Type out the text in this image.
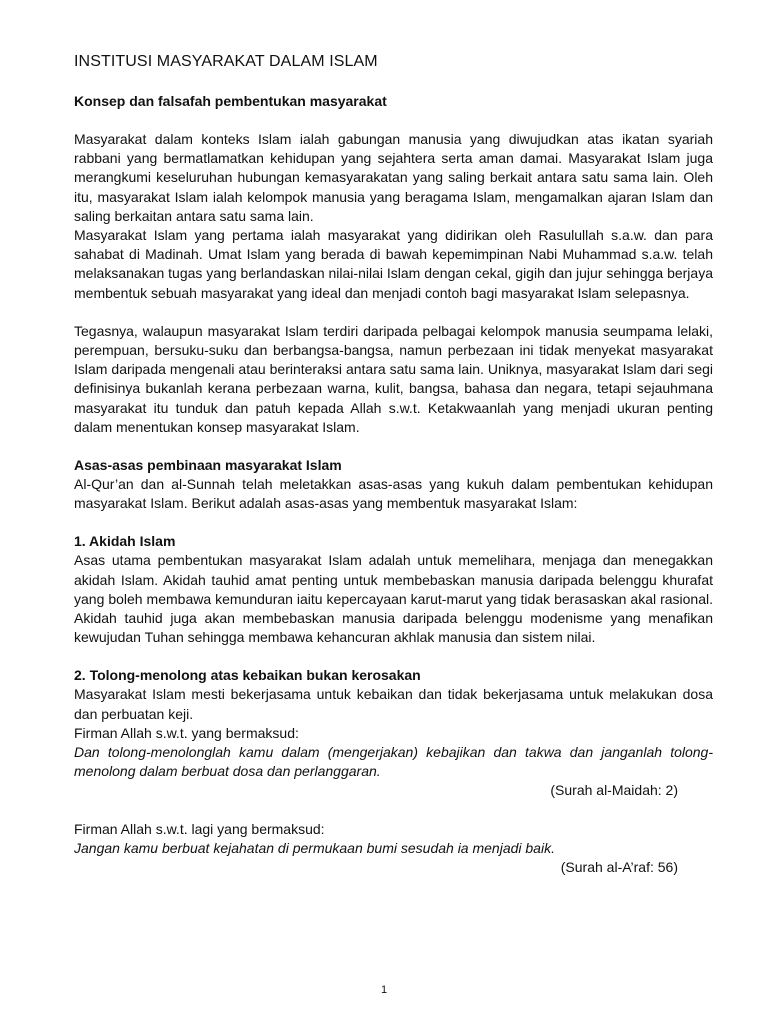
INSTITUSI MASYARAKAT DALAM ISLAM
Konsep dan falsafah pembentukan masyarakat

Masyarakat dalam konteks Islam ialah gabungan manusia yang diwujudkan atas ikatan syariah rabbani yang bermatlamatkan kehidupan yang sejahtera serta aman damai. Masyarakat Islam juga merangkumi keseluruhan hubungan kemasyarakatan yang saling berkait antara satu sama lain. Oleh itu, masyarakat Islam ialah kelompok manusia yang beragama Islam, mengamalkan ajaran Islam dan saling berkaitan antara satu sama lain.

Masyarakat Islam yang pertama ialah masyarakat yang didirikan oleh Rasulullah s.a.w. dan para sahabat di Madinah. Umat Islam yang berada di bawah kepemimpinan Nabi Muhammad s.a.w. telah melaksanakan tugas yang berlandaskan nilai-nilai Islam dengan cekal, gigih dan jujur sehingga berjaya membentuk sebuah masyarakat yang ideal dan menjadi contoh bagi masyarakat Islam selepasnya.

Tegasnya, walaupun masyarakat Islam terdiri daripada pelbagai kelompok manusia seumpama lelaki, perempuan, bersuku-suku dan berbangsa-bangsa, namun perbezaan ini tidak menyekat masyarakat Islam daripada mengenali atau berinteraksi antara satu sama lain. Uniknya, masyarakat Islam dari segi definisinya bukanlah kerana perbezaan warna, kulit, bangsa, bahasa dan negara, tetapi sejauhmana masyarakat itu tunduk dan patuh kepada Allah s.w.t. Ketakwaanlah yang menjadi ukuran penting dalam menentukan konsep masyarakat Islam.

Asas-asas pembinaan masyarakat Islam

Al-Qur’an dan al-Sunnah telah meletakkan asas-asas yang kukuh dalam pembentukan kehidupan masyarakat Islam. Berikut adalah asas-asas yang membentuk masyarakat Islam:

1. Akidah Islam

Asas utama pembentukan masyarakat Islam adalah untuk memelihara, menjaga dan menegakkan akidah Islam. Akidah tauhid amat penting untuk membebaskan manusia daripada belenggu khurafat yang boleh membawa kemunduran iaitu kepercayaan karut-marut yang tidak berasaskan akal rasional. Akidah tauhid juga akan membebaskan manusia daripada belenggu modenisme yang menafikan kewujudan Tuhan sehingga membawa kehancuran akhlak manusia dan sistem nilai.

2. Tolong-menolong atas kebaikan bukan kerosakan

Masyarakat Islam mesti bekerjasama untuk kebaikan dan tidak bekerjasama untuk melakukan dosa dan perbuatan keji.

Firman Allah s.w.t. yang bermaksud:

Dan tolong-menolonglah kamu dalam (mengerjakan) kebajikan dan takwa dan janganlah tolong-menolong dalam berbuat dosa dan perlanggaran.

(Surah al-Maidah: 2)

Firman Allah s.w.t. lagi yang bermaksud:

Jangan kamu berbuat kejahatan di permukaan bumi sesudah ia menjadi baik.

(Surah al-A’raf: 56)

1
